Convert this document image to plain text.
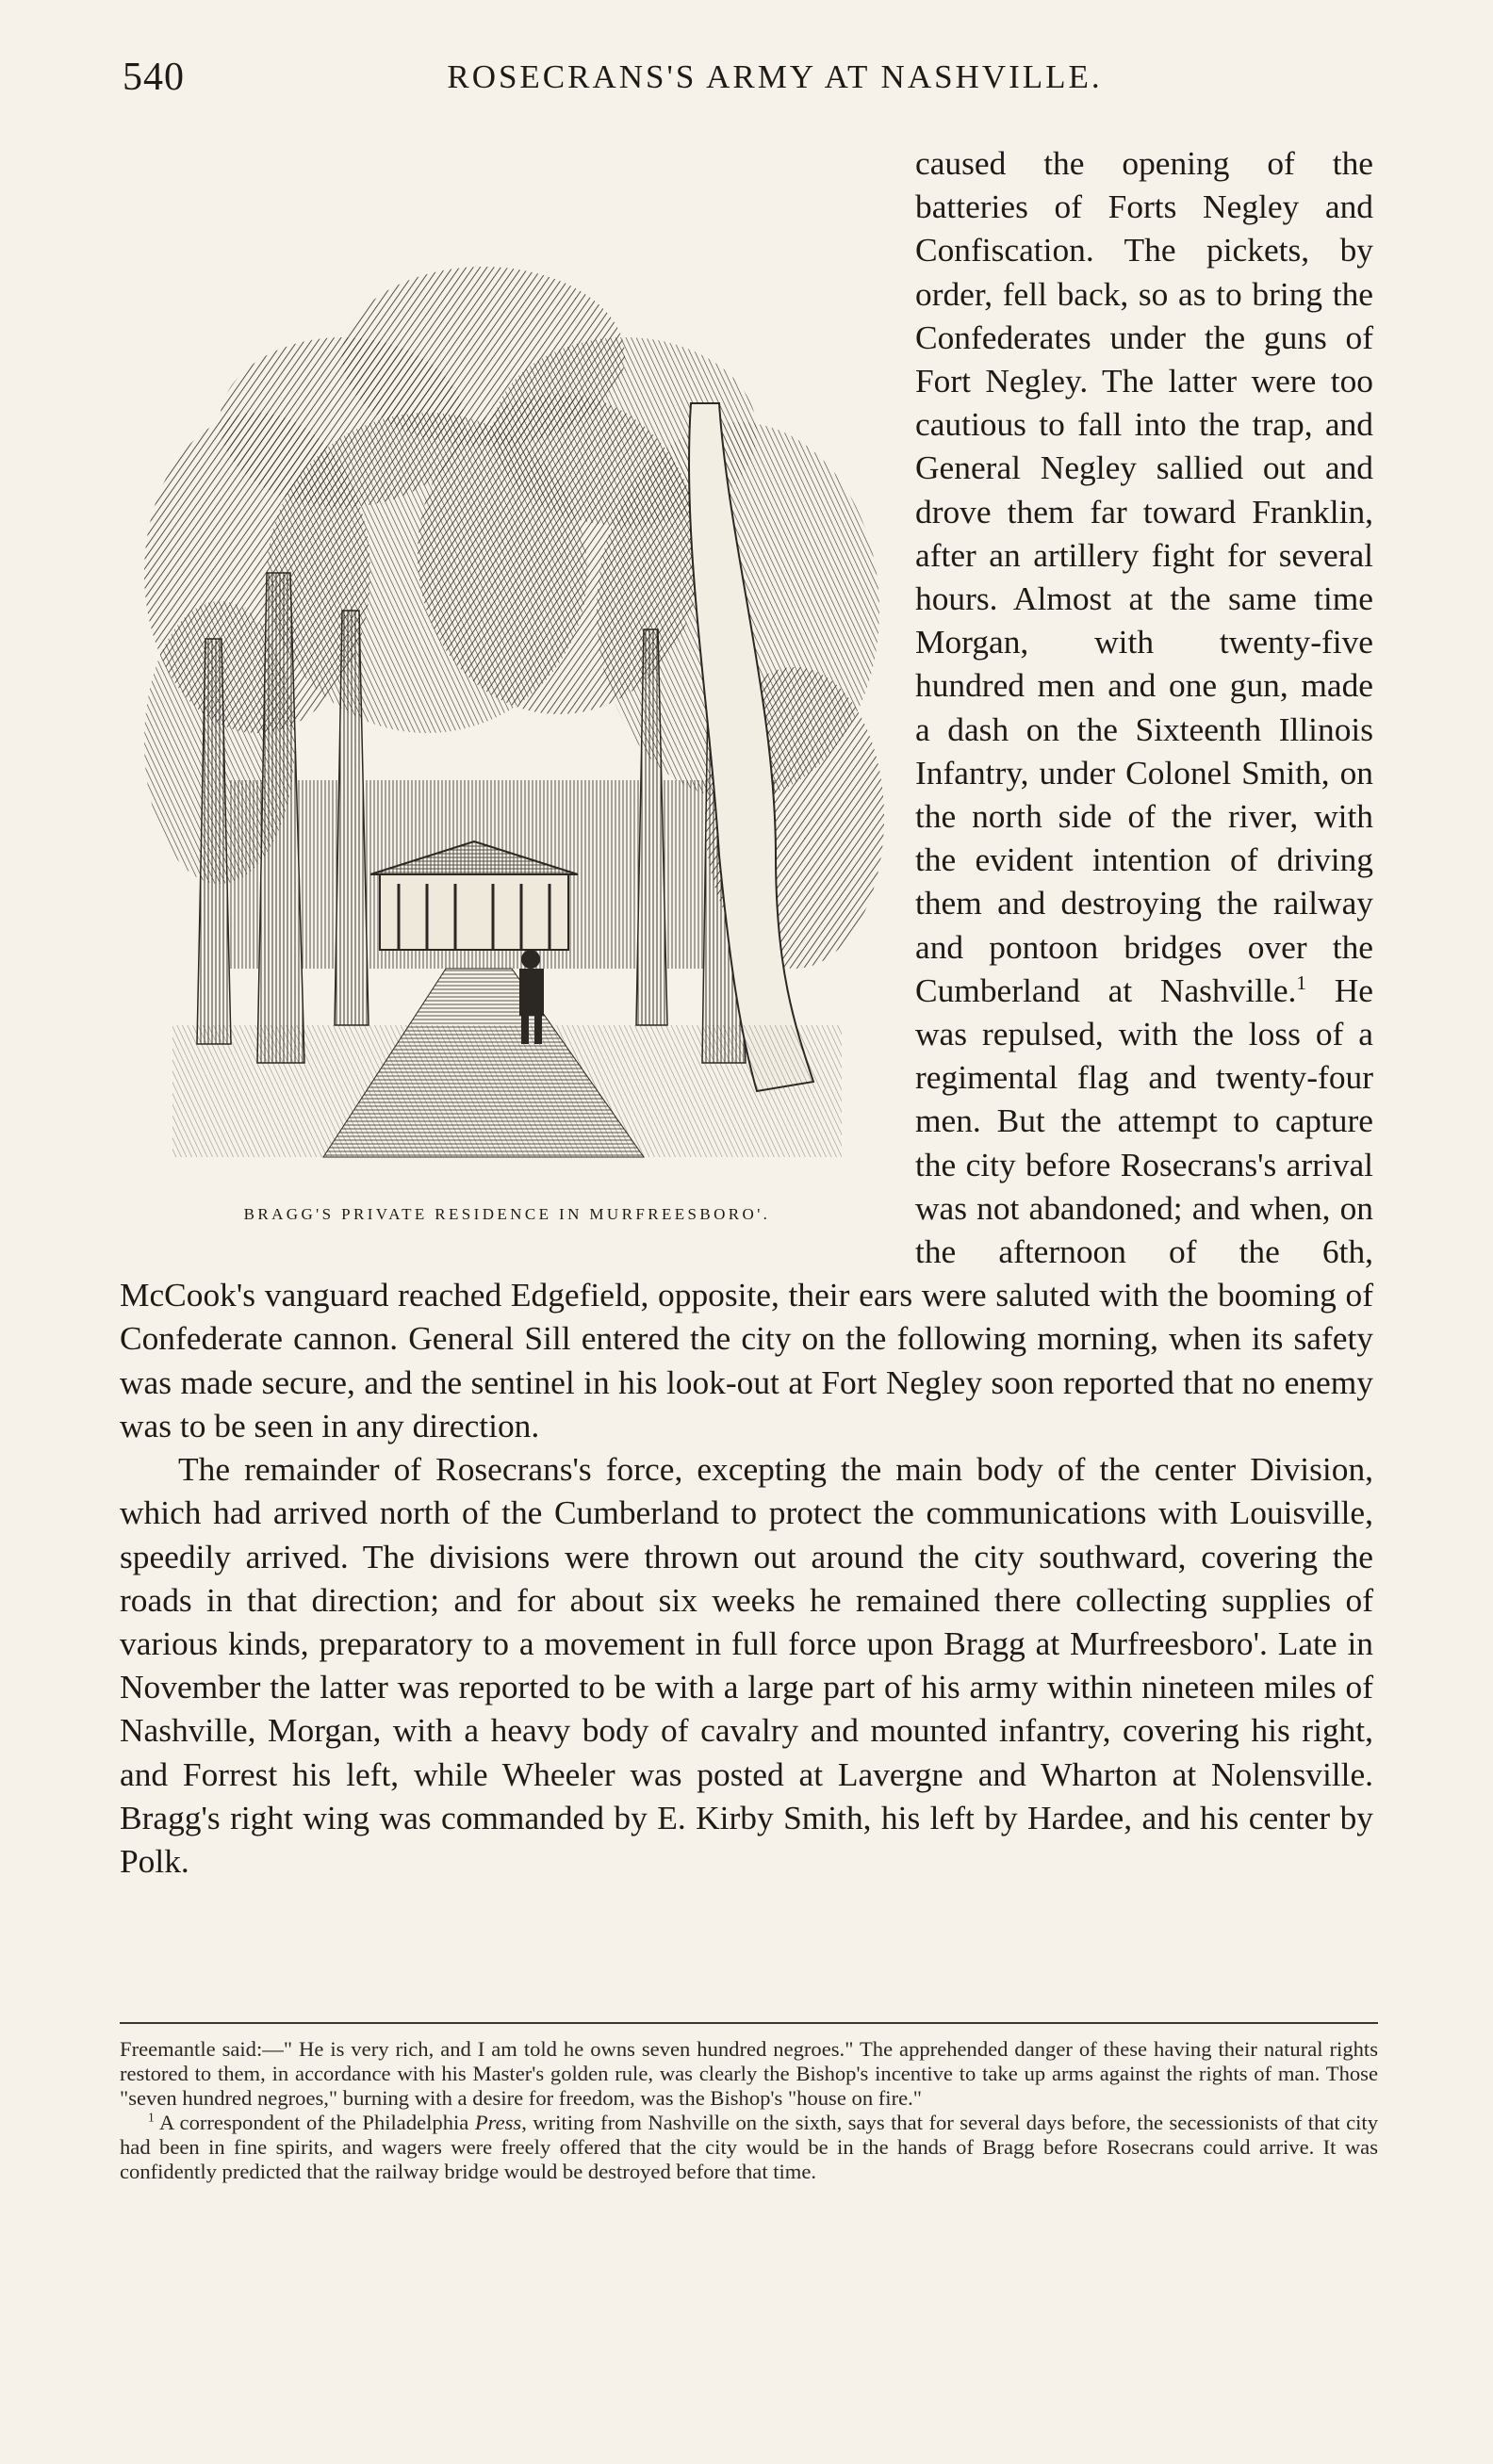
540	ROSECRANS'S ARMY AT NASHVILLE.
BRAGG'S PRIVATE RESIDENCE IN MURFREESBORO'.

caused the opening of the batteries of Forts Negley and Confiscation. The pickets, by order, fell back, so as to bring the Confederates under the guns of Fort Negley. The latter were too cautious to fall into the trap, and General Negley sallied out and drove them far toward Franklin, after an artillery fight for several hours. Almost at the same time Morgan, with twenty-five hundred men and one gun, made a dash on the Sixteenth Illinois Infantry, under Colonel Smith, on the north side of the river, with the evident intention of driving them and destroying the railway and pontoon bridges over the Cumberland at Nashville.$^1$ He was repulsed, with the loss of a regimental flag and twenty-four men. But the attempt to capture the city before Rosecrans's arrival was not abandoned; and when, on the afternoon of the 6th, McCook's vanguard reached Edgefield, opposite, their ears were saluted with the booming of Confederate cannon. General Sill entered the city on the following morning, when its safety was made secure, and the sentinel in his look-out at Fort Negley soon reported that no enemy was to be seen in any direction.

The remainder of Rosecrans's force, excepting the main body of the center Division, which had arrived north of the Cumberland to protect the communications with Louisville, speedily arrived. The divisions were thrown out around the city southward, covering the roads in that direction; and for about six weeks he remained there collecting supplies of various kinds, preparatory to a movement in full force upon Bragg at Murfreesboro'. Late in November the latter was reported to be with a large part of his army within nineteen miles of Nashville, Morgan, with a heavy body of cavalry and mounted infantry, covering his right, and Forrest his left, while Wheeler was posted at Lavergne and Wharton at Nolensville. Bragg's right wing was commanded by E. Kirby Smith, his left by Hardee, and his center by Polk.

Freemantle said:—" He is very rich, and I am told he owns seven hundred negroes." The apprehended danger of these having their natural rights restored to them, in accordance with his Master's golden rule, was clearly the Bishop's incentive to take up arms against the rights of man. Those "seven hundred negroes," burning with a desire for freedom, was the Bishop's "house on fire."

$^1$ A correspondent of the Philadelphia Press, writing from Nashville on the sixth, says that for several days before, the secessionists of that city had been in fine spirits, and wagers were freely offered that the city would be in the hands of Bragg before Rosecrans could arrive. It was confidently predicted that the railway bridge would be destroyed before that time.
